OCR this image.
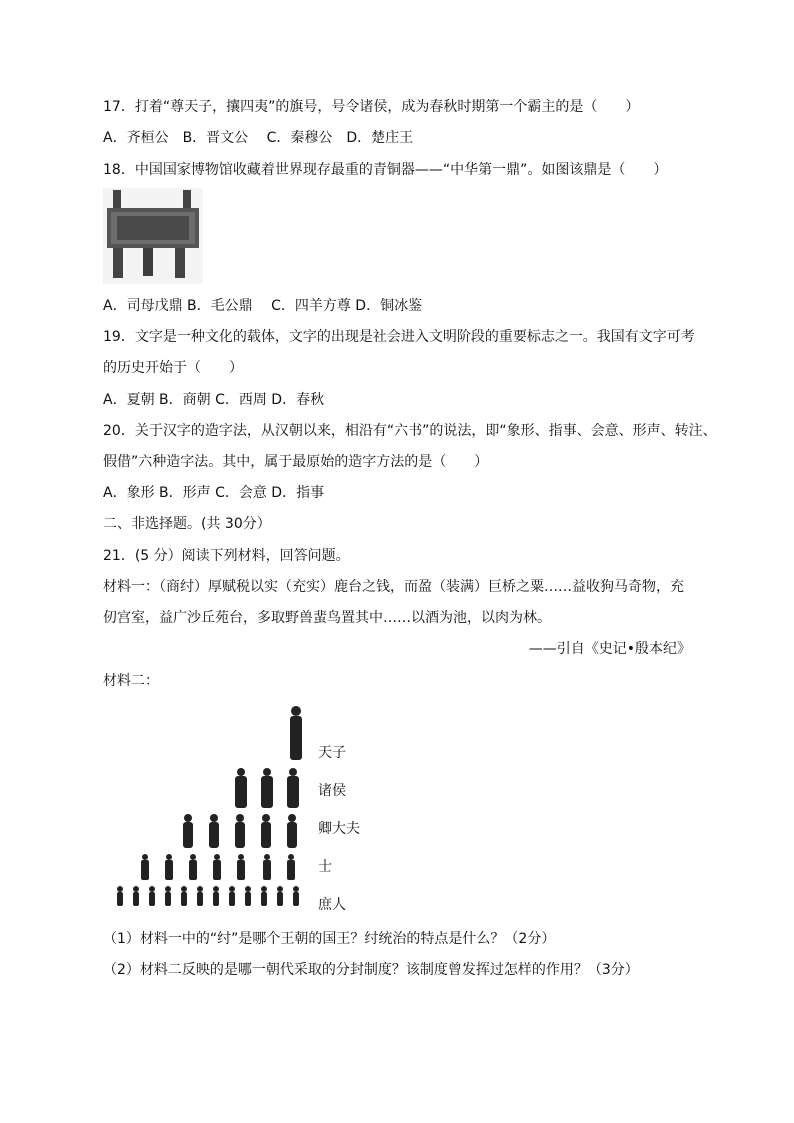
17．打着“尊天子，攘四夷”的旗号，号令诸侯，成为春秋时期第一个霸主的是（　　）
A．齐桓公　B．晋文公　 C．秦穆公　D．楚庄王
18．中国国家博物馆收藏着世界现存最重的青铜器——“中华第一鼎”。如图该鼎是（　　）
A．司母戊鼎 B．毛公鼎　 C．四羊方尊 D．铜冰鉴
19．文字是一种文化的载体，文字的出现是社会进入文明阶段的重要标志之一。我国有文字可考
的历史开始于（　　）
A．夏朝 B．商朝 C．西周 D．春秋
20．关于汉字的造字法，从汉朝以来，相沿有“六书”的说法，即“象形、指事、会意、形声、转注、
假借”六种造字法。其中，属于最原始的造字方法的是（　　）
A．象形 B．形声 C．会意 D．指事
二、非选择题。(共 30分）
21．(5 分）阅读下列材料，回答问题。
材料一：（商纣）厚赋税以实（充实）鹿台之钱，而盈（装满）巨桥之粟……益收狗马奇物，充
仞宫室，益广沙丘苑台，多取野兽蜚鸟置其中……以酒为池，以肉为林。
——引自《史记•殷本纪》
材料二：
天子
诸侯
卿大夫
士
庶人
（1）材料一中的“纣”是哪个王朝的国王？纣统治的特点是什么？（2分）
（2）材料二反映的是哪一朝代采取的分封制度？该制度曾发挥过怎样的作用？（3分）
